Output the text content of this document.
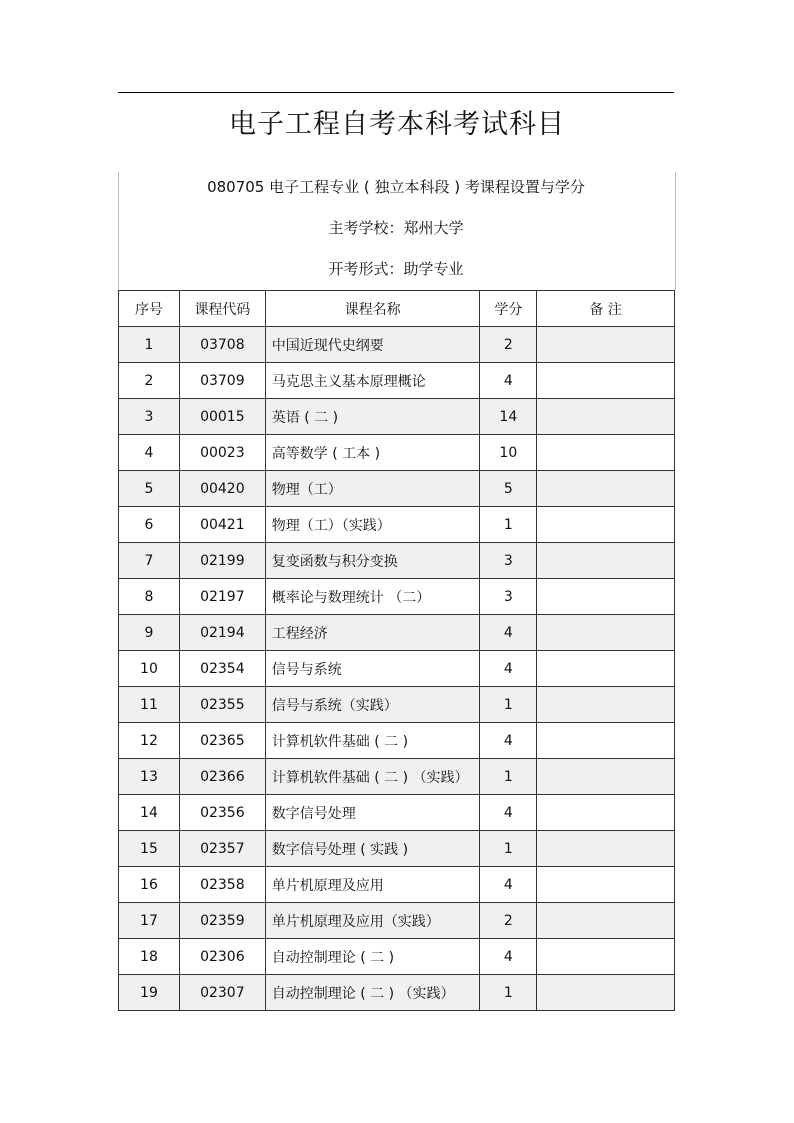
电子工程自考本科考试科目
080705 电子工程专业 ( 独立本科段 ) 考课程设置与学分
主考学校：郑州大学
开考形式：助学专业
序号	课程代码	课程名称	学分	备 注
1	03708	中国近现代史纲要	2	
2	03709	马克思主义基本原理概论	4	
3	00015	英语 ( 二 )	14	
4	00023	高等数学 ( 工本 )	10	
5	00420	物理（工）	5	
6	00421	物理（工）（实践）	1	
7	02199	复变函数与积分变换	3	
8	02197	概率论与数理统计 （二）	3	
9	02194	工程经济	4	
10	02354	信号与系统	4	
11	02355	信号与系统（实践）	1	
12	02365	计算机软件基础 ( 二 )	4	
13	02366	计算机软件基础 ( 二 ) （实践）	1	
14	02356	数字信号处理	4	
15	02357	数字信号处理 ( 实践 )	1	
16	02358	单片机原理及应用	4	
17	02359	单片机原理及应用（实践）	2	
18	02306	自动控制理论 ( 二 )	4	
19	02307	自动控制理论 ( 二 ) （实践）	1	
